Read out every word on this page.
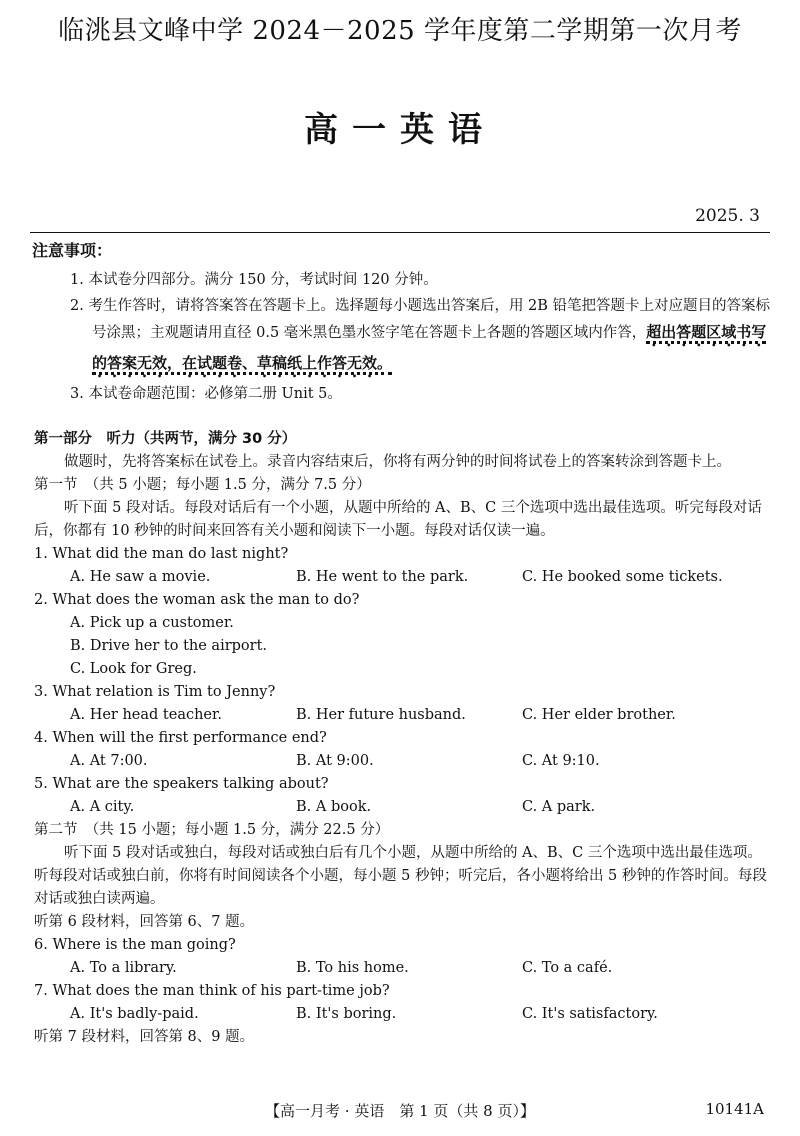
临洮县文峰中学 2024－2025 学年度第二学期第一次月考
高一英语
2025. 3
注意事项：
1. 本试卷分四部分。满分 150 分，考试时间 120 分钟。
2. 考生作答时，请将答案答在答题卡上。选择题每小题选出答案后，用 2B 铅笔把答题卡上对应题目的答案标号涂黑；主观题请用直径 0.5 毫米黑色墨水签字笔在答题卡上各题的答题区域内作答，超出答题区域书写的答案无效，在试题卷、草稿纸上作答无效。
3. 本试卷命题范围：必修第二册 Unit 5。
第一部分　听力（共两节，满分 30 分）
做题时，先将答案标在试卷上。录音内容结束后，你将有两分钟的时间将试卷上的答案转涂到答题卡上。
第一节　（共 5 小题；每小题 1.5 分，满分 7.5 分）
听下面 5 段对话。每段对话后有一个小题，从题中所给的 A、B、C 三个选项中选出最佳选项。听完每段对话后，你都有 10 秒钟的时间来回答有关小题和阅读下一小题。每段对话仅读一遍。
1. What did the man do last night?
A. He saw a movie.	B. He went to the park.	C. He booked some tickets.
2. What does the woman ask the man to do?
A. Pick up a customer.
B. Drive her to the airport.
C. Look for Greg.
3. What relation is Tim to Jenny?
A. Her head teacher.	B. Her future husband.	C. Her elder brother.
4. When will the first performance end?
A. At 7:00.	B. At 9:00.	C. At 9:10.
5. What are the speakers talking about?
A. A city.	B. A book.	C. A park.
第二节　（共 15 小题；每小题 1.5 分，满分 22.5 分）
听下面 5 段对话或独白，每段对话或独白后有几个小题，从题中所给的 A、B、C 三个选项中选出最佳选项。听每段对话或独白前，你将有时间阅读各个小题，每小题 5 秒钟；听完后，各小题将给出 5 秒钟的作答时间。每段对话或独白读两遍。
听第 6 段材料，回答第 6、7 题。
6. Where is the man going?
A. To a library.	B. To his home.	C. To a café.
7. What does the man think of his part-time job?
A. It's badly-paid.	B. It's boring.	C. It's satisfactory.
听第 7 段材料，回答第 8、9 题。
【高一月考 · 英语　第 1 页（共 8 页）】	10141A
